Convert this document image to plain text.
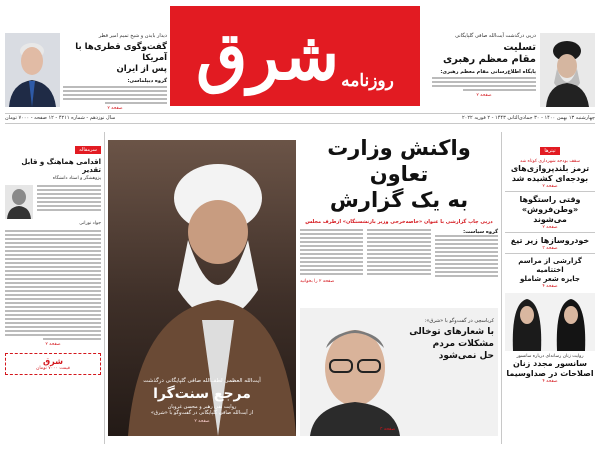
روزنامه
شرق	درپی درگذشت آیت‌الله صافی گلپایگانی
تسلیت
مقام معظم رهبری
پایگاه اطلاع‌رسانی مقام معظم رهبری:
صفحه ۲
دیدار بایدن و شیخ تمیم امیر قطر
گفت‌وگوی قطری‌ها با آمریکا
پس از ایران
گروه دیپلماسی:
صفحه ۲
چهارشنبه ۱۳ بهمن ۱۴۰۰ - ۳۰ جمادی‌الثانی ۱۴۴۳ - ۲ فوریه ۲۰۲۲
سال نوزدهم - شماره ۴۲۱۱ - ۱۲ صفحه - ۷۰۰۰ تومان
تیترها
سقف بودجه شهرداری کوتاه شد
ترمز بلندپروازی‌های
بودجه‌ای کشیده شد
صفحه ۲
وقتی راستگوها
«وطن‌فروش» می‌شوند
صفحه ۲
خودروسازها زیر تیغ
صفحه ۳
گزارشی از مراسم اختتامیه
جایزه شعر شاملو
صفحه ۴
روایت زنان رسانه‌ای درباره سانسور
سانسور مجدد زنان
اصلاحات در صداوسیما
صفحه ۴
واکنش وزارت تعاون
به یک گزارش
درپی چاپ گزارشی با عنوان «خاصه‌خرجی وزیر بازنشستگان» ازطرف مجلس
گروه سیاست:
صفحه ۲ را بخوانید
کرباسچی در گفت‌وگو با «شرق»:
با شعارهای توخالی
مشکلات مردم
حل نمی‌شود
صفحه ۳
آیت‌الله العظمی لطف‌الله صافی گلپایگانی درگذشت
مرجع سنت‌گرا
روایت نقی رهبر و محسن غرویان
از آیت‌الله صافی گلپایگانی در گفت‌وگو با «شرق»
صفحه ۲
سرمقاله
اقدامی هماهنگ و قابل تقدیر
پژوهشگر و استاد دانشگاه
جواد نورانی
صفحه ۲
شرق
قیمت ۷۰۰۰ تومان
